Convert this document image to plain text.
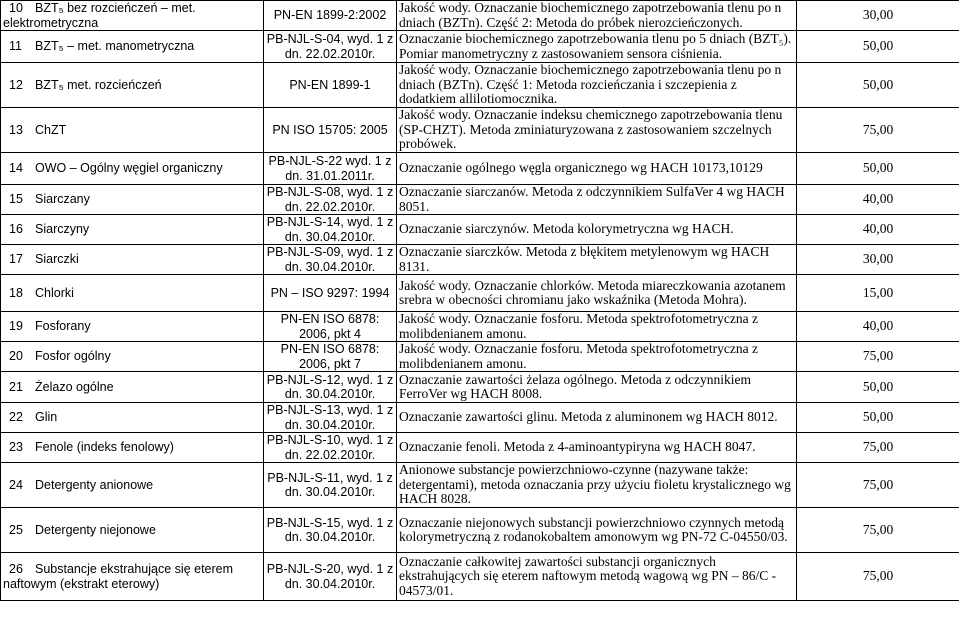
10 BZT₅ bez rozcieńczeń – met. elektrometryczna	PN-EN 1899-2:2002	Jakość wody. Oznaczanie biochemicznego zapotrzebowania tlenu po n dniach (BZTn). Część 2: Metoda do próbek nierozcieńczonych.	30,00
11 BZT₅ – met. manometryczna	PB-NJL-S-04, wyd. 1 z dn. 22.02.2010r.	Oznaczanie biochemicznego zapotrzebowania tlenu po 5 dniach (BZT₅). Pomiar manometryczny z zastosowaniem sensora ciśnienia.	50,00
12 BZT₅ met. rozcieńczeń	PN-EN 1899-1	Jakość wody. Oznaczanie biochemicznego zapotrzebowania tlenu po n dniach (BZTn). Część 1: Metoda rozcieńczania i szczepienia z dodatkiem allilotiomocznika.	50,00
13 ChZT	PN ISO 15705: 2005	Jakość wody. Oznaczanie indeksu chemicznego zapotrzebowania tlenu (SP-CHZT). Metoda zminiaturyzowana z zastosowaniem szczelnych probówek.	75,00
14 OWO – Ogólny węgiel organiczny	PB-NJL-S-22 wyd. 1 z dn. 31.01.2011r.	Oznaczanie ogólnego węgla organicznego wg HACH 10173,10129	50,00
15 Siarczany	PB-NJL-S-08, wyd. 1 z dn. 22.02.2010r.	Oznaczanie siarczanów. Metoda z odczynnikiem SulfaVer 4 wg HACH 8051.	40,00
16 Siarczyny	PB-NJL-S-14, wyd. 1 z dn. 30.04.2010r.	Oznaczanie siarczynów. Metoda kolorymetryczna wg HACH.	40,00
17 Siarczki	PB-NJL-S-09, wyd. 1 z dn. 30.04.2010r.	Oznaczanie siarczków. Metoda z błękitem metylenowym wg HACH 8131.	30,00
18 Chlorki	PN – ISO 9297: 1994	Jakość wody. Oznaczanie chlorków. Metoda miareczkowania azotanem srebra w obecności chromianu jako wskaźnika (Metoda Mohra).	15,00
19 Fosforany	PN-EN ISO 6878: 2006, pkt 4	Jakość wody. Oznaczanie fosforu. Metoda spektrofotometryczna z molibdenianem amonu.	40,00
20 Fosfor ogólny	PN-EN ISO 6878: 2006, pkt 7	Jakość wody. Oznaczanie fosforu. Metoda spektrofotometryczna z molibdenianem amonu.	75,00
21 Żelazo ogólne	PB-NJL-S-12, wyd. 1 z dn. 30.04.2010r.	Oznaczanie zawartości żelaza ogólnego. Metoda z odczynnikiem FerroVer wg HACH 8008.	50,00
22 Glin	PB-NJL-S-13, wyd. 1 z dn. 30.04.2010r.	Oznaczanie zawartości glinu. Metoda z aluminonem wg HACH 8012.	50,00
23 Fenole (indeks fenolowy)	PB-NJL-S-10, wyd. 1 z dn. 22.02.2010r.	Oznaczanie fenoli. Metoda z 4-aminoantypiryna wg HACH 8047.	75,00
24 Detergenty anionowe	PB-NJL-S-11, wyd. 1 z dn. 30.04.2010r.	Anionowe substancje powierzchniowo-czynne (nazywane także: detergentami), metoda oznaczania przy użyciu fioletu krystalicznego wg HACH 8028.	75,00
25 Detergenty niejonowe	PB-NJL-S-15, wyd. 1 z dn. 30.04.2010r.	Oznaczanie niejonowych substancji powierzchniowo czynnych metodą kolorymetryczną z rodanokobaltem amonowym wg PN-72 C-04550/03.	75,00
26 Substancje ekstrahujące się eterem naftowym (ekstrakt eterowy)	PB-NJL-S-20, wyd. 1 z dn. 30.04.2010r.	Oznaczanie całkowitej zawartości substancji organicznych ekstrahujących się eterem naftowym metodą wagową wg PN – 86/C - 04573/01.	75,00
